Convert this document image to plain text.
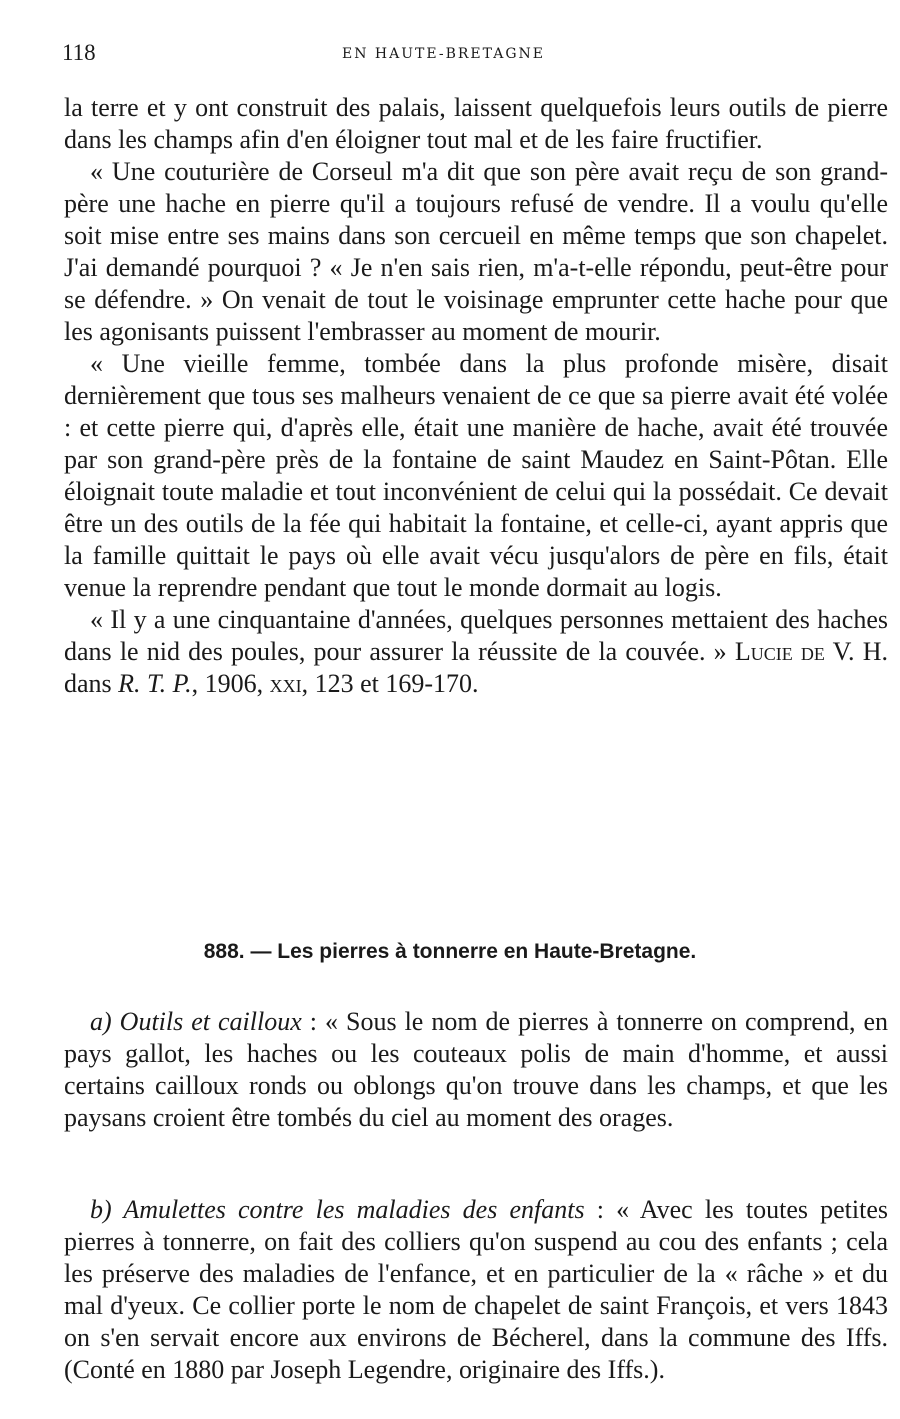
118	EN HAUTE-BRETAGNE

la terre et y ont construit des palais, laissent quelquefois leurs outils de pierre dans les champs afin d'en éloigner tout mal et de les faire fructifier.

« Une couturière de Corseul m'a dit que son père avait reçu de son grand-père une hache en pierre qu'il a toujours refusé de vendre. Il a voulu qu'elle soit mise entre ses mains dans son cercueil en même temps que son chapelet. J'ai demandé pourquoi ? « Je n'en sais rien, m'a-t-elle répondu, peut-être pour se défendre. » On venait de tout le voisinage emprunter cette hache pour que les agonisants puissent l'embrasser au moment de mourir.

« Une vieille femme, tombée dans la plus profonde misère, disait dernièrement que tous ses malheurs venaient de ce que sa pierre avait été volée : et cette pierre qui, d'après elle, était une manière de hache, avait été trouvée par son grand-père près de la fontaine de saint Maudez en Saint-Pôtan. Elle éloignait toute maladie et tout inconvénient de celui qui la possédait. Ce devait être un des outils de la fée qui habitait la fontaine, et celle-ci, ayant appris que la famille quittait le pays où elle avait vécu jusqu'alors de père en fils, était venue la reprendre pendant que tout le monde dormait au logis.

« Il y a une cinquantaine d'années, quelques personnes mettaient des haches dans le nid des poules, pour assurer la réussite de la couvée. » Lucie de V. H. dans R. T. P., 1906, xxi, 123 et 169-170.

888. — Les pierres à tonnerre en Haute-Bretagne.

a) Outils et cailloux : « Sous le nom de pierres à tonnerre on comprend, en pays gallot, les haches ou les couteaux polis de main d'homme, et aussi certains cailloux ronds ou oblongs qu'on trouve dans les champs, et que les paysans croient être tombés du ciel au moment des orages.

b) Amulettes contre les maladies des enfants : « Avec les toutes petites pierres à tonnerre, on fait des colliers qu'on suspend au cou des enfants ; cela les préserve des maladies de l'enfance, et en particulier de la « râche » et du mal d'yeux. Ce collier porte le nom de chapelet de saint François, et vers 1843 on s'en servait encore aux environs de Bécherel, dans la commune des Iffs. (Conté en 1880 par Joseph Legendre, originaire des Iffs.).
